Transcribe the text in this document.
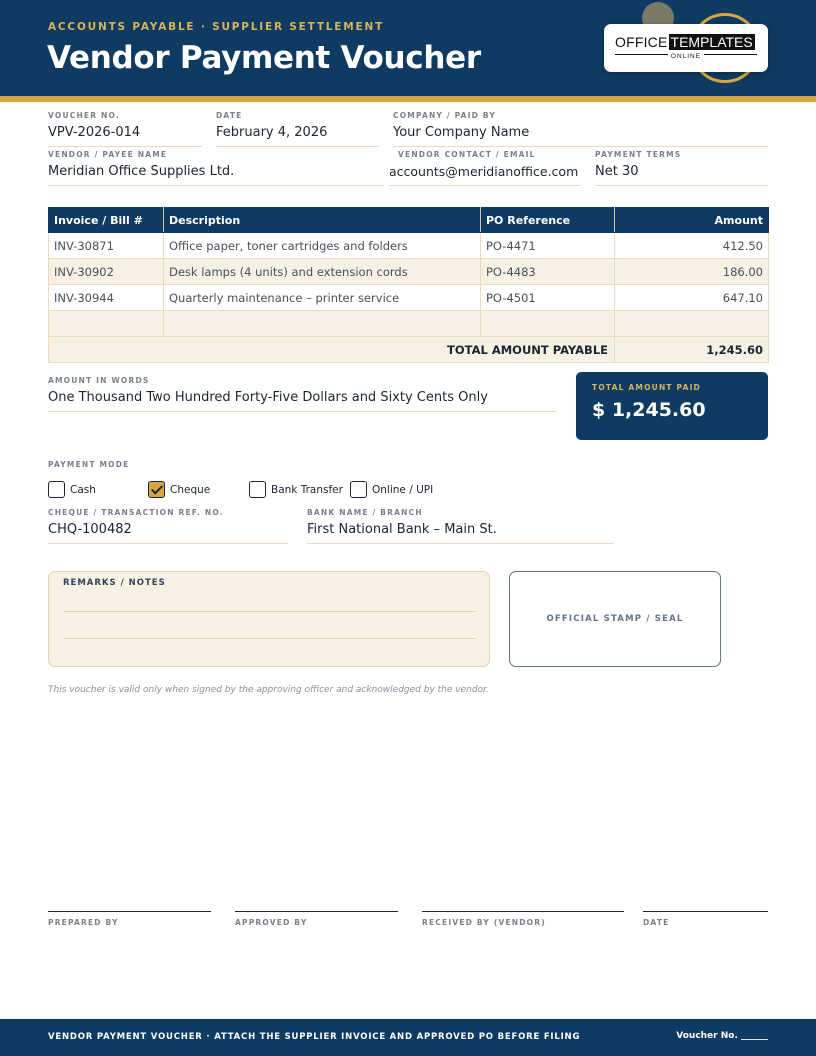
ACCOUNTS PAYABLE · SUPPLIER SETTLEMENT
Vendor Payment Voucher	OFFICE TEMPLATES
ONLINE
VOUCHER NO.
VPV-2026-014
DATE
February 4, 2026
COMPANY / PAID BY
Your Company Name
VENDOR / PAYEE NAME
Meridian Office Supplies Ltd.
VENDOR CONTACT / EMAIL
accounts@meridianoffice.com
PAYMENT TERMS
Net 30
Invoice / Bill #	Description	PO Reference	Amount
INV-30871	Office paper, toner cartridges and folders	PO-4471	412.50
INV-30902	Desk lamps (4 units) and extension cords	PO-4483	186.00
INV-30944	Quarterly maintenance – printer service	PO-4501	647.10

TOTAL AMOUNT PAYABLE			1,245.60
AMOUNT IN WORDS
One Thousand Two Hundred Forty-Five Dollars and Sixty Cents Only
TOTAL AMOUNT PAID
$ 1,245.60
PAYMENT MODE
Cash	Cheque	Bank Transfer	Online / UPI
CHEQUE / TRANSACTION REF. NO.
CHQ-100482
BANK NAME / BRANCH
First National Bank – Main St.
REMARKS / NOTES
OFFICIAL STAMP / SEAL
This voucher is valid only when signed by the approving officer and acknowledged by the vendor.
PREPARED BY	APPROVED BY	RECEIVED BY (VENDOR)	DATE
VENDOR PAYMENT VOUCHER · ATTACH THE SUPPLIER INVOICE AND APPROVED PO BEFORE FILING	Voucher No. ______
